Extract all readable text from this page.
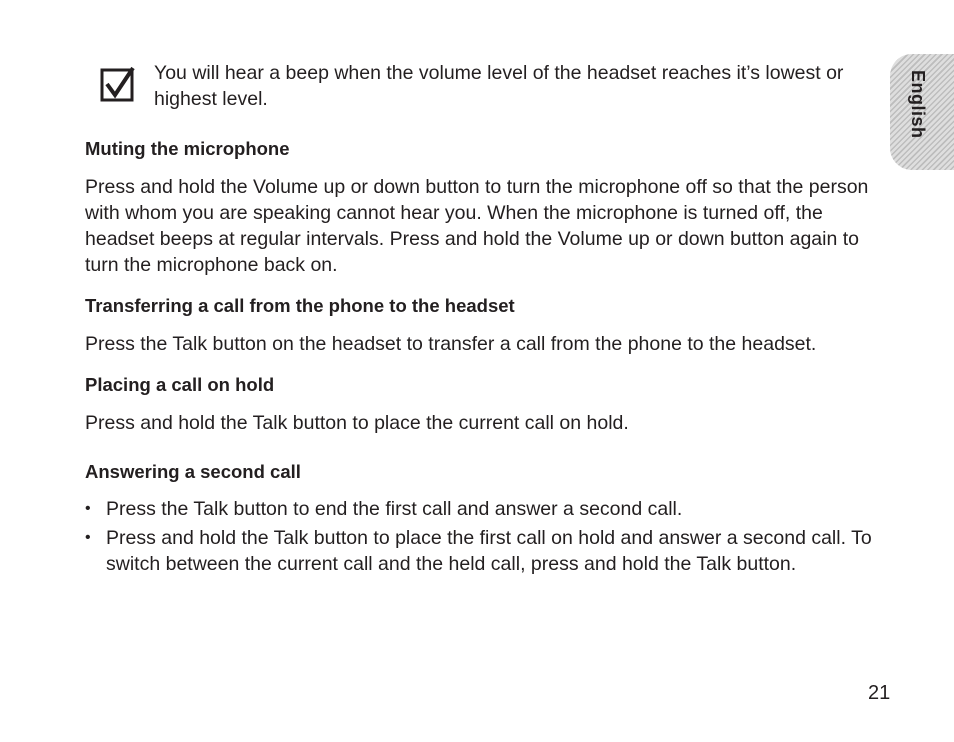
You will hear a beep when the volume level of the headset reaches it’s lowest or highest level.

Muting the microphone

Press and hold the Volume up or down button to turn the microphone off so that the person with whom you are speaking cannot hear you. When the microphone is turned off, the headset beeps at regular intervals. Press and hold the Volume up or down button again to turn the microphone back on.

Transferring a call from the phone to the headset

Press the Talk button on the headset to transfer a call from the phone to the headset.

Placing a call on hold

Press and hold the Talk button to place the current call on hold.

Answering a second call

• Press the Talk button to end the first call and answer a second call.
• Press and hold the Talk button to place the first call on hold and answer a second call. To switch between the current call and the held call, press and hold the Talk button.
English
21
